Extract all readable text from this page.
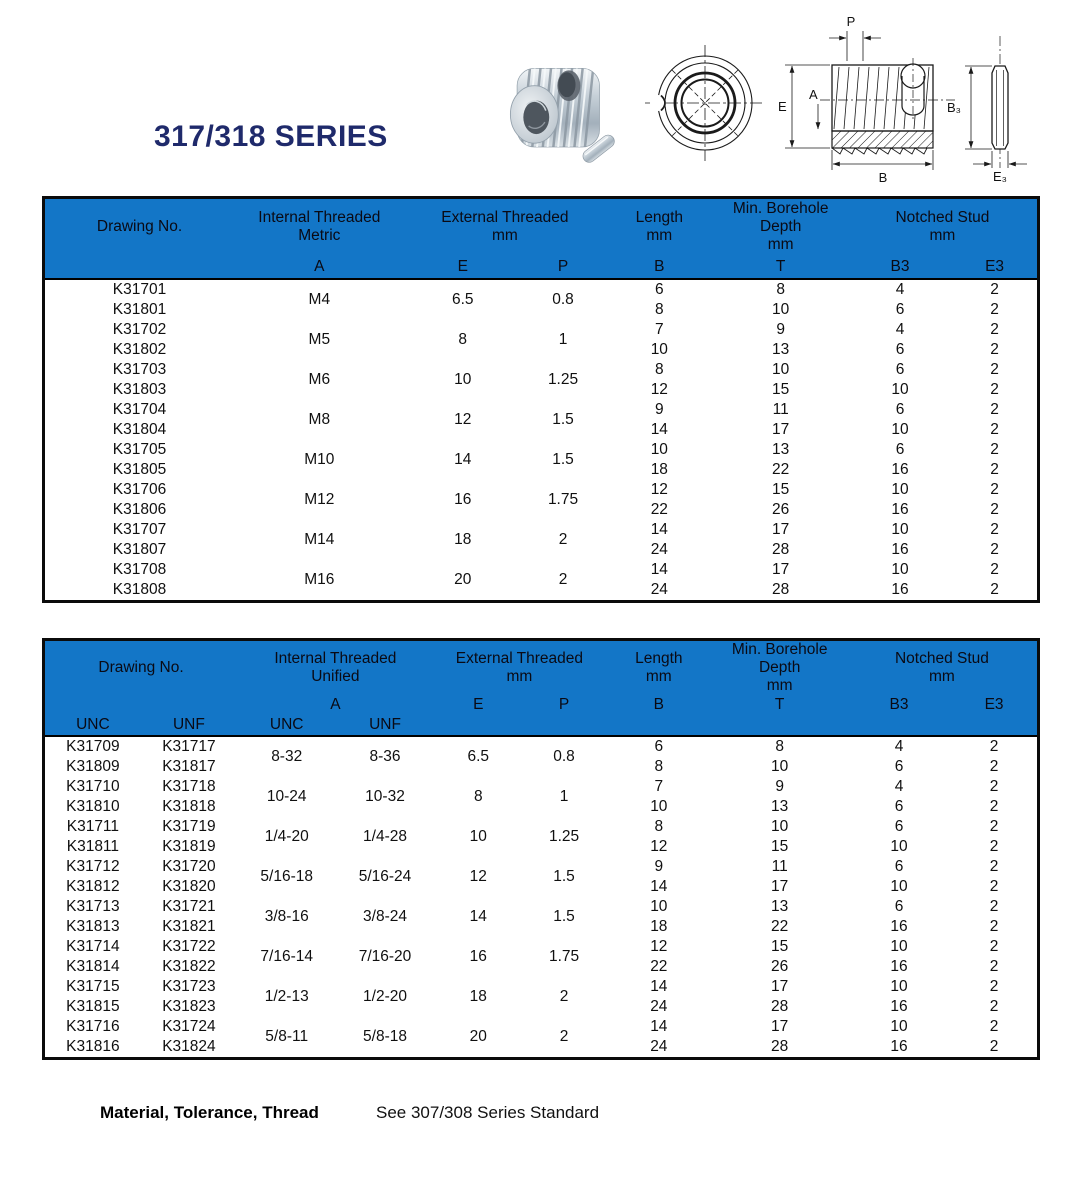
317/318 SERIES
P
E
A
B
B₃
E₃
Drawing No.

Internal Threaded
Metric

External Threaded
mm

Length
mm

Min. Borehole Depth
mm

Notched Stud
mm

	A	E	P	B	T	B3	E3
K31701	M4	6.5	0.8	6	8	4	2
K31801				8	10	6	2
K31702	M5	8	1	7	9	4	2
K31802				10	13	6	2
K31703	M6	10	1.25	8	10	6	2
K31803				12	15	10	2
K31704	M8	12	1.5	9	11	6	2
K31804				14	17	10	2
K31705	M10	14	1.5	10	13	6	2
K31805				18	22	16	2
K31706	M12	16	1.75	12	15	10	2
K31806				22	26	16	2
K31707	M14	18	2	14	17	10	2
K31807				24	28	16	2
K31708	M16	20	2	14	17	10	2
K31808				24	28	16	2
Drawing No.

Internal Threaded
Unified

External Threaded
mm

Length
mm

Min. Borehole Depth
mm

Notched Stud
mm

		A		E	P	B	T	B3	E3
UNC	UNF	UNC	UNF						
K31709	K31717	8-32	8-36	6.5	0.8	6	8	4	2
K31809	K31817					8	10	6	2
K31710	K31718	10-24	10-32	8	1	7	9	4	2
K31810	K31818					10	13	6	2
K31711	K31719	1/4-20	1/4-28	10	1.25	8	10	6	2
K31811	K31819					12	15	10	2
K31712	K31720	5/16-18	5/16-24	12	1.5	9	11	6	2
K31812	K31820					14	17	10	2
K31713	K31721	3/8-16	3/8-24	14	1.5	10	13	6	2
K31813	K31821					18	22	16	2
K31714	K31722	7/16-14	7/16-20	16	1.75	12	15	10	2
K31814	K31822					22	26	16	2
K31715	K31723	1/2-13	1/2-20	18	2	14	17	10	2
K31815	K31823					24	28	16	2
K31716	K31724	5/8-11	5/8-18	20	2	14	17	10	2
K31816	K31824					24	28	16	2
Material, Tolerance, Thread	See 307/308 Series Standard
